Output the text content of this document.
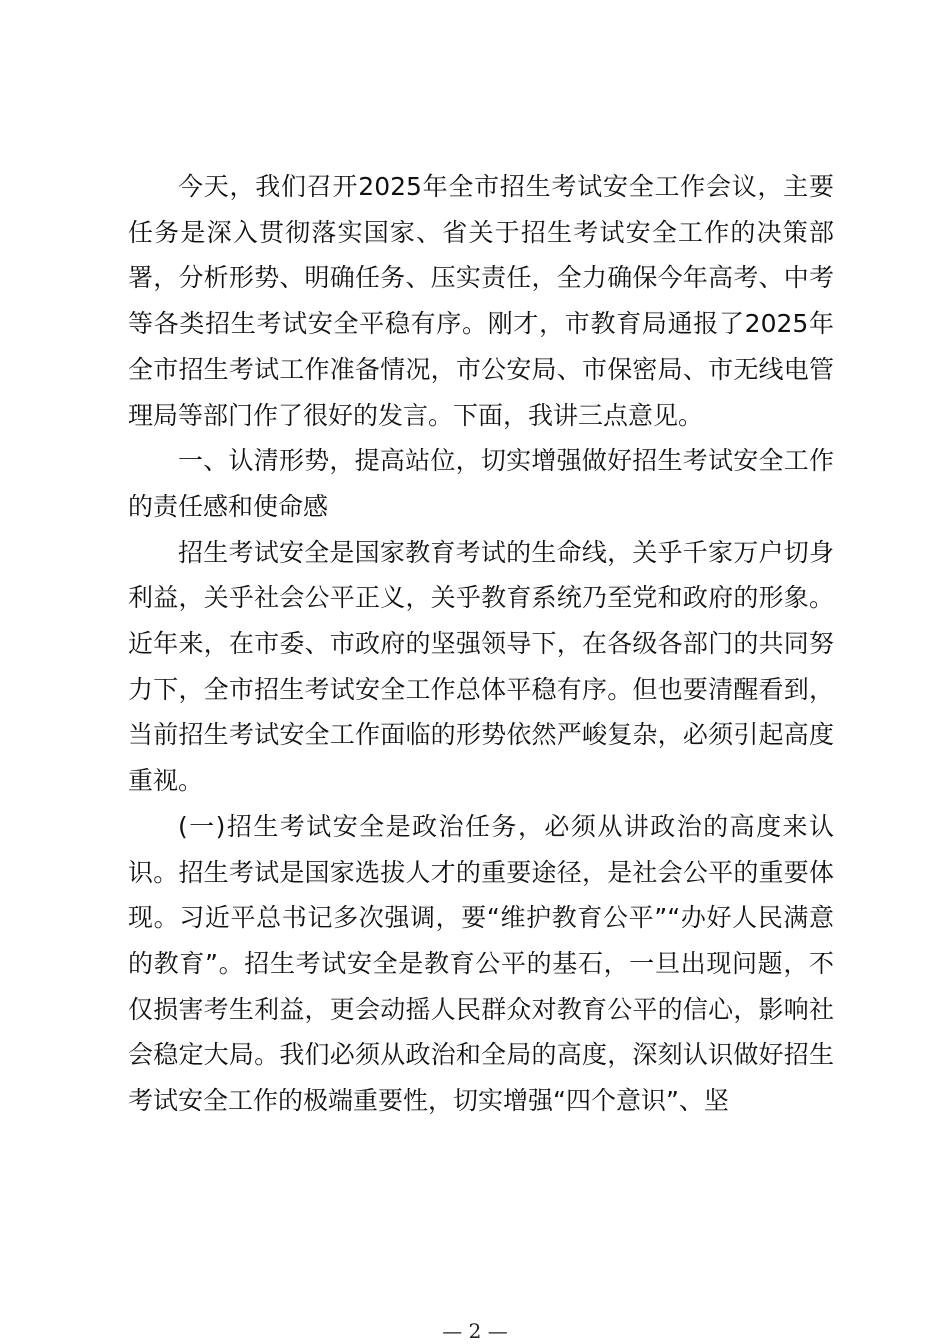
今天，我们召开2025年全市招生考试安全工作会议，主要任务是深入贯彻落实国家、省关于招生考试安全工作的决策部署，分析形势、明确任务、压实责任，全力确保今年高考、中考等各类招生考试安全平稳有序。刚才，市教育局通报了2025年全市招生考试工作准备情况，市公安局、市保密局、市无线电管理局等部门作了很好的发言。下面，我讲三点意见。

一、认清形势，提高站位，切实增强做好招生考试安全工作的责任感和使命感

招生考试安全是国家教育考试的生命线，关乎千家万户切身利益，关乎社会公平正义，关乎教育系统乃至党和政府的形象。近年来，在市委、市政府的坚强领导下，在各级各部门的共同努力下，全市招生考试安全工作总体平稳有序。但也要清醒看到，当前招生考试安全工作面临的形势依然严峻复杂，必须引起高度重视。

(一)招生考试安全是政治任务，必须从讲政治的高度来认识。招生考试是国家选拔人才的重要途径，是社会公平的重要体现。习近平总书记多次强调，要“维护教育公平”“办好人民满意的教育”。招生考试安全是教育公平的基石，一旦出现问题，不仅损害考生利益，更会动摇人民群众对教育公平的信心，影响社会稳定大局。我们必须从政治和全局的高度，深刻认识做好招生考试安全工作的极端重要性，切实增强“四个意识”、坚

— 2 —
